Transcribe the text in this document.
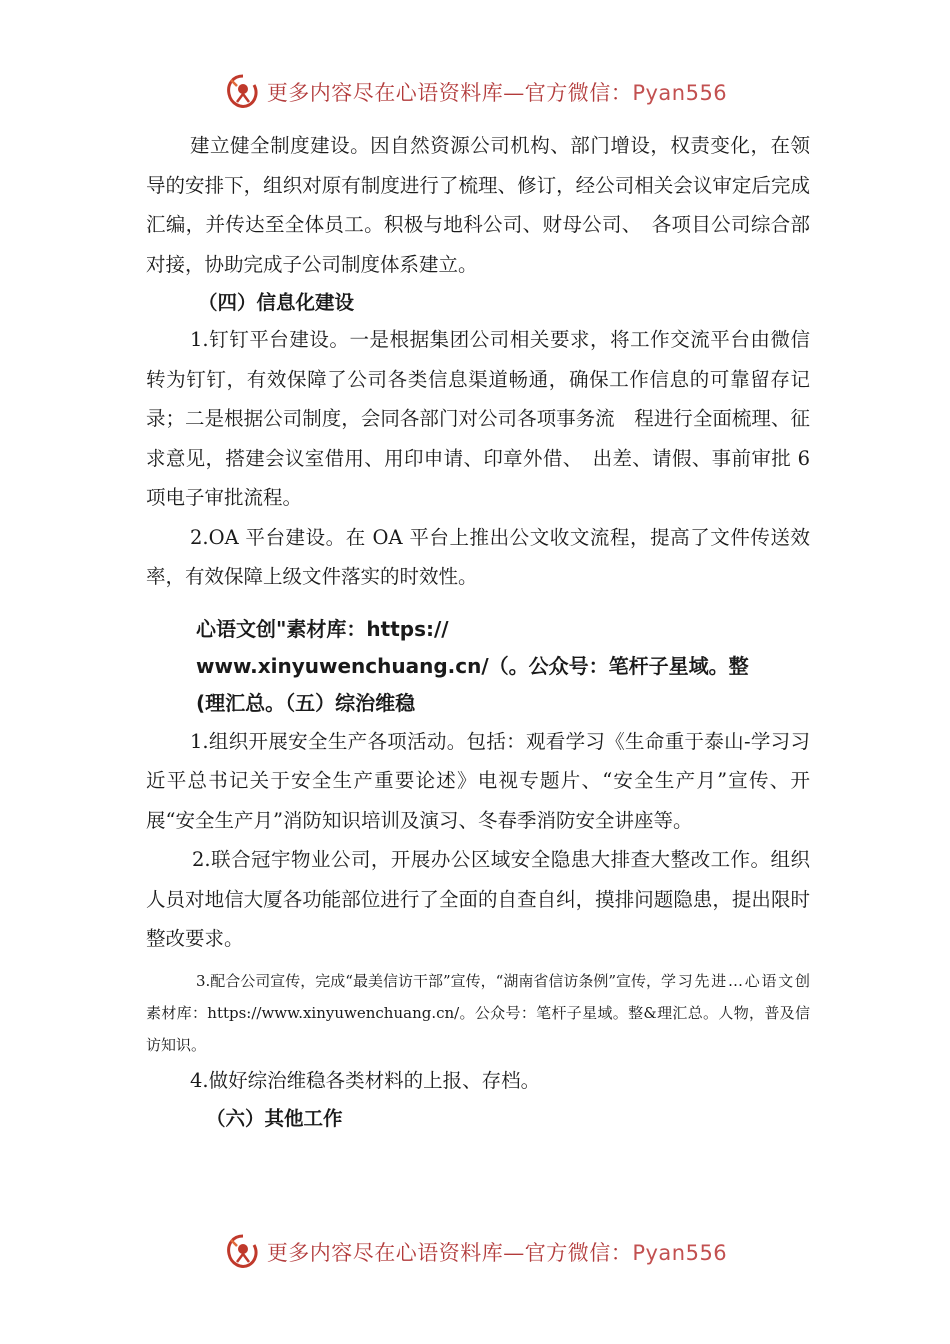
更多内容尽在心语资料库—官方微信：Pyan556

建立健全制度建设。因自然资源公司机构、部门增设，权责变化，在领导的安排下，组织对原有制度进行了梳理、修订，经公司相关会议审定后完成汇编，并传达至全体员工。积极与地科公司、财母公司、　各项目公司综合部对接，协助完成子公司制度体系建立。

（四）信息化建设

1.钉钉平台建设。一是根据集团公司相关要求，将工作交流平台由微信转为钉钉，有效保障了公司各类信息渠道畅通，确保工作信息的可靠留存记录；二是根据公司制度，会同各部门对公司各项事务流　程进行全面梳理、征求意见，搭建会议室借用、用印申请、印章外借、　出差、请假、事前审批 6 项电子审批流程。

2.OA 平台建设。在 OA 平台上推出公文收文流程，提高了文件传送效率，有效保障上级文件落实的时效性。

心语文创"素材库：https://

www.xinyuwenchuang.cn/（。公众号：笔杆子星域。整

(理汇总。（五）综治维稳

1.组织开展安全生产各项活动。包括：观看学习《生命重于泰山-学习习近平总书记关于安全生产重要论述》电视专题片、“安全生产月”宣传、开展“安全生产月”消防知识培训及演习、冬春季消防安全讲座等。

2.联合冠宇物业公司，开展办公区域安全隐患大排查大整改工作。组织人员对地信大厦各功能部位进行了全面的自查自纠，摸排问题隐患，提出限时整改要求。

3.配合公司宣传，完成“最美信访干部”宣传，“湖南省信访条例”宣传，学习先进…心语文创素材库：https://www.xinyuwenchuang.cn/。公众号：笔杆子星域。整&理汇总。人物，普及信访知识。

4.做好综治维稳各类材料的上报、存档。

（六）其他工作

更多内容尽在心语资料库—官方微信：Pyan556
